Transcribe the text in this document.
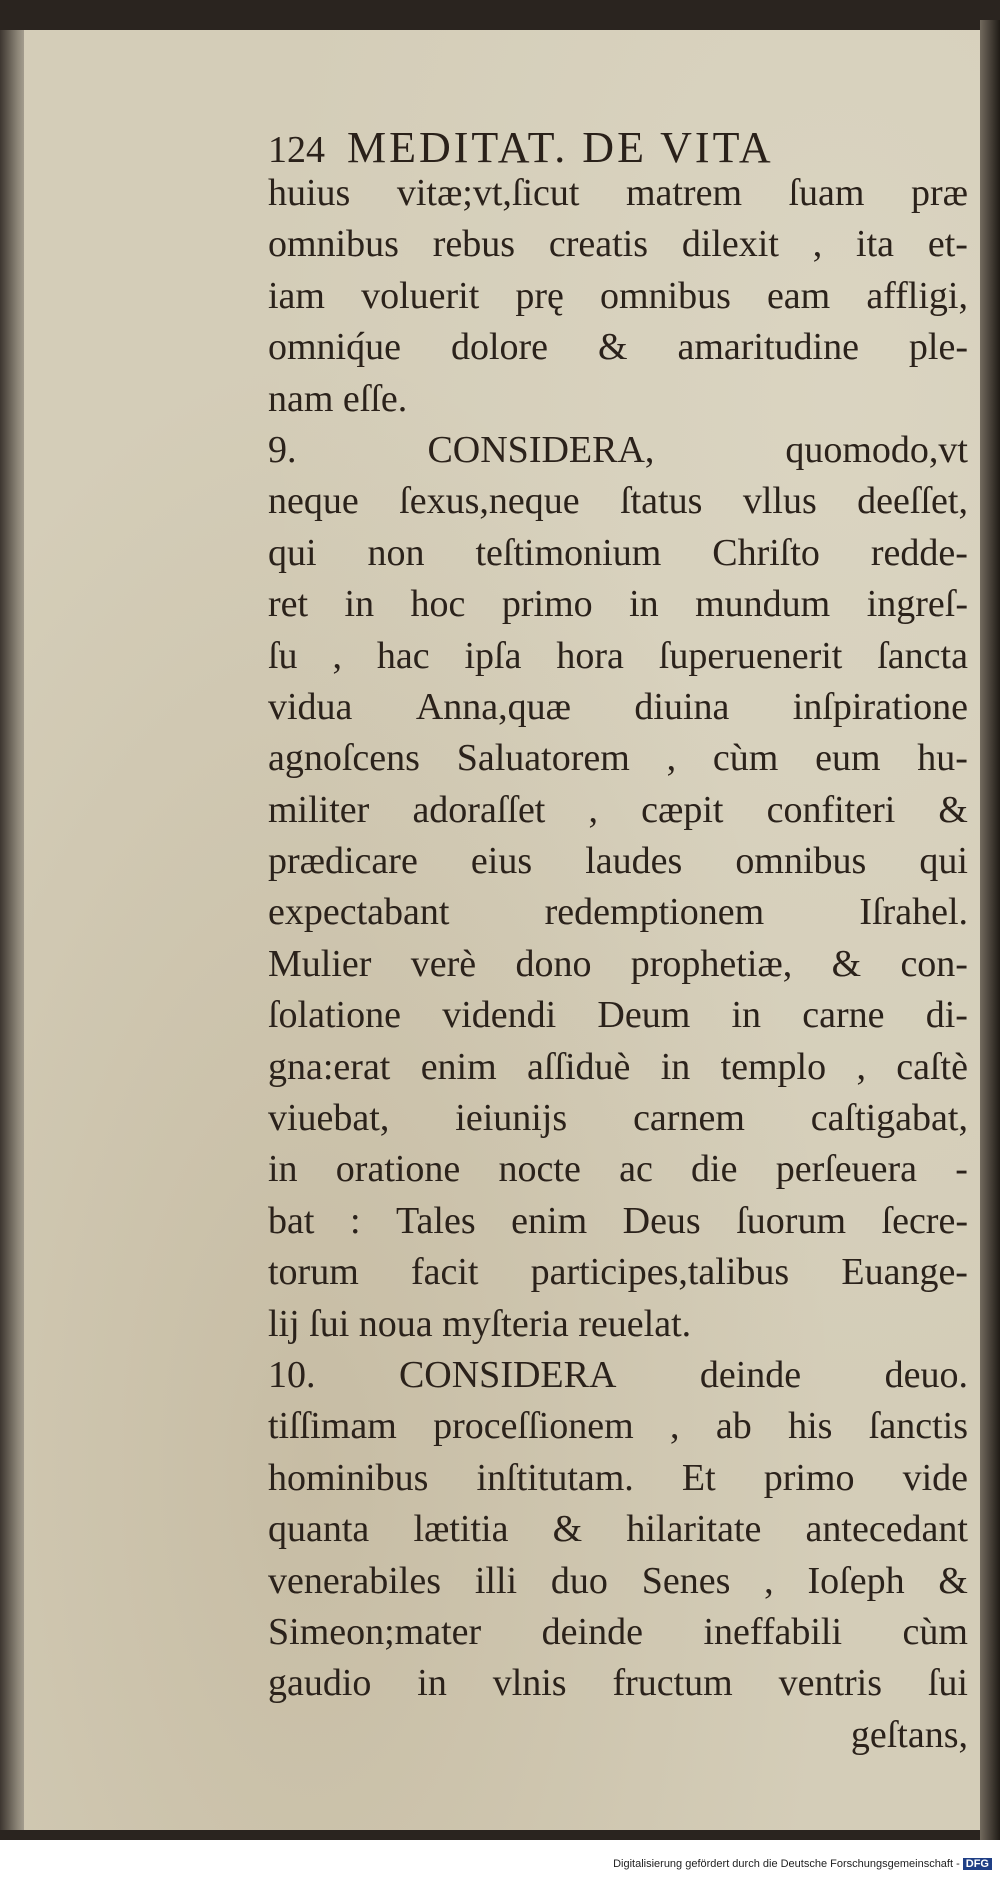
124 MEDITAT. DE VITA
huius vitæ;vt,ſicut matrem ſuam præ
omnibus rebus creatis dilexit , ita et-
iam voluerit prę omnibus eam affligi,
omniq́ue dolore & amaritudine ple-
nam eſſe.
9.	CONSIDERA,	quomodo,vt
neque ſexus,neque ſtatus vllus deeſſet,
qui non teſtimonium Chriſto redde-
ret in hoc primo in mundum ingreſ-
ſu , hac ipſa hora ſuperuenerit ſancta
vidua Anna,quæ diuina inſpiratione
agnoſcens Saluatorem , cùm eum hu-
militer adoraſſet , cæpit confiteri &
prædicare eius laudes omnibus qui
expectabant	redemptionem	Iſrahel.
Mulier verè dono prophetiæ, & con-
ſolatione videndi Deum in carne di-
gna:erat enim aſſiduè in templo , caſtè
viuebat, ieiunijs carnem caſtigabat,
in oratione nocte ac die perſeuera -
bat : Tales enim Deus ſuorum ſecre-
torum facit participes,talibus Euange-
lij ſui noua myſteria reuelat.
10. CONSIDERA deinde deuo.
tiſſimam proceſſionem , ab his ſanctis
hominibus inſtitutam. Et primo vide
quanta lætitia & hilaritate antecedant
venerabiles illi duo Senes , Ioſeph &
Simeon;mater deinde ineffabili cùm
gaudio in vlnis fructum ventris ſui
geſtans,
Digitalisierung gefördert durch die Deutsche Forschungsgemeinschaft - DFG
